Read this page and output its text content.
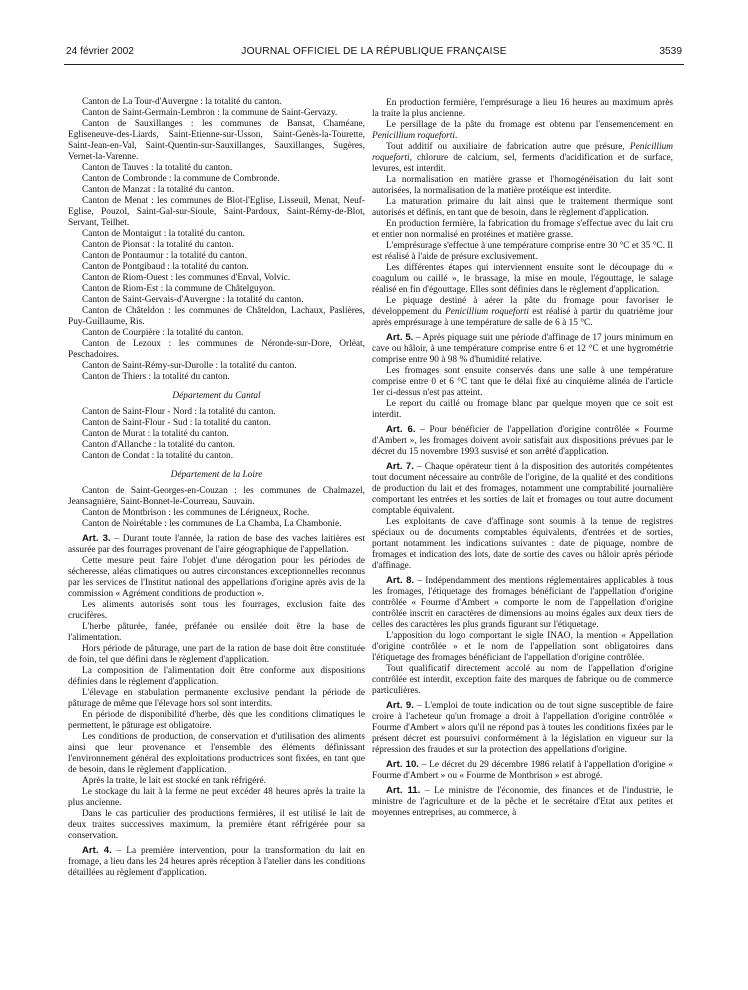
24 février 2002	JOURNAL OFFICIEL DE LA RÉPUBLIQUE FRANÇAISE	3539

Canton de La Tour-d'Auvergne : la totalité du canton.

Canton de Saint-Germain-Lembron : la commune de Saint-Gervazy.

Canton de Sauxillanges : les communes de Bansat, Chaméane, Egliseneuve-des-Liards, Saint-Etienne-sur-Usson, Saint-Genès-la-Tourette, Saint-Jean-en-Val, Saint-Quentin-sur-Sauxillanges, Sauxillanges, Sugères, Vernet-la-Varenne.

Canton de Tauves : la totalité du canton.

Canton de Combronde : la commune de Combronde.

Canton de Manzat : la totalité du canton.

Canton de Menat : les communes de Blot-l'Eglise, Lisseuil, Menat, Neuf-Eglise, Pouzol, Saint-Gal-sur-Sioule, Saint-Pardoux, Saint-Rémy-de-Blot, Servant, Teilhet.

Canton de Montaigut : la totalité du canton.

Canton de Pionsat : la totalité du canton.

Canton de Pontaumur : la totalité du canton.

Canton de Pontgibaud : la totalité du canton.

Canton de Riom-Ouest : les communes d'Enval, Volvic.

Canton de Riom-Est : la commune de Châtelguyon.

Canton de Saint-Gervais-d'Auvergne : la totalité du canton.

Canton de Châteldon : les communes de Châteldon, Lachaux, Paslières, Puy-Guillaume, Ris.

Canton de Courpière : la totalité du canton.

Canton de Lezoux : les communes de Néronde-sur-Dore, Orléat, Peschadoires.

Canton de Saint-Rémy-sur-Durolle : la totalité du canton.

Canton de Thiers : la totalité du canton.

Département du Cantal

Canton de Saint-Flour - Nord : la totalité du canton.

Canton de Saint-Flour - Sud : la totalité du canton.

Canton de Murat : la totalité du canton.

Canton d'Allanche : la totalité du canton.

Canton de Condat : la totalité du canton.

Département de la Loire

Canton de Saint-Georges-en-Couzan : les communes de Chalmazel, Jeansagnière, Saint-Bonnet-le-Courreau, Sauvain.

Canton de Montbrison : les communes de Lérigneux, Roche.

Canton de Noirétable : les communes de La Chamba, La Chambonie.

Art. 3. – Durant toute l'année, la ration de base des vaches laitières est assurée par des fourrages provenant de l'aire géographique de l'appellation.

Cette mesure peut faire l'objet d'une dérogation pour les périodes de sécheresse, aléas climatiques ou autres circonstances exceptionnelles reconnus par les services de l'Institut national des appellations d'origine après avis de la commission « Agrément conditions de production ».

Les aliments autorisés sont tous les fourrages, exclusion faite des crucifères.

L'herbe pâturée, fanée, préfanée ou ensilée doit être la base de l'alimentation.

Hors période de pâturage, une part de la ration de base doit être constituée de foin, tel que défini dans le règlement d'application.

La composition de l'alimentation doit être conforme aux dispositions définies dans le règlement d'application.

L'élevage en stabulation permanente exclusive pendant la période de pâturage de même que l'élevage hors sol sont interdits.

En période de disponibilité d'herbe, dès que les conditions climatiques le permettent, le pâturage est obligatoire.

Les conditions de production, de conservation et d'utilisation des aliments ainsi que leur provenance et l'ensemble des éléments définissant l'environnement général des exploitations productrices sont fixées, en tant que de besoin, dans le règlement d'application.

Après la traite, le lait est stocké en tank réfrigéré.

Le stockage du lait à la ferme ne peut excéder 48 heures après la traite la plus ancienne.

Dans le cas particulier des productions fermières, il est utilisé le lait de deux traites successives maximum, la première étant réfrigérée pour sa conservation.

Art. 4. – La première intervention, pour la transformation du lait en fromage, a lieu dans les 24 heures après réception à l'atelier dans les conditions détaillées au règlement d'application.

En production fermière, l'emprésurage a lieu 16 heures au maximum après la traite la plus ancienne.

Le persillage de la pâte du fromage est obtenu par l'ensemencement en Penicillium roqueforti.

Tout additif ou auxiliaire de fabrication autre que présure, Penicillium roqueforti, chlorure de calcium, sel, ferments d'acidification et de surface, levures, est interdit.

La normalisation en matière grasse et l'homogénéisation du lait sont autorisées, la normalisation de la matière protéique est interdite.

La maturation primaire du lait ainsi que le traitement thermique sont autorisés et définis, en tant que de besoin, dans le règlement d'application.

En production fermière, la fabrication du fromage s'effectue avec du lait cru et entier non normalisé en protéines et matière grasse.

L'emprésurage s'effectue à une température comprise entre 30 °C et 35 °C. Il est réalisé à l'aide de présure exclusivement.

Les différentes étapes qui interviennent ensuite sont le découpage du « coagulum ou caillé », le brassage, la mise en moule, l'égouttage, le salage réalisé en fin d'égouttage. Elles sont définies dans le règlement d'application.

Le piquage destiné à aérer la pâte du fromage pour favoriser le développement du Penicillium roqueforti est réalisé à partir du quatrième jour après emprésurage à une température de salle de 6 à 15 °C.

Art. 5. – Après piquage suit une période d'affinage de 17 jours minimum en cave ou hâloir, à une température comprise entre 6 et 12 °C et une hygrométrie comprise entre 90 à 98 % d'humidité relative.

Les fromages sont ensuite conservés dans une salle à une température comprise entre 0 et 6 °C tant que le délai fixé au cinquième alinéa de l'article 1er ci-dessus n'est pas atteint.

Le report du caillé ou fromage blanc par quelque moyen que ce soit est interdit.

Art. 6. – Pour bénéficier de l'appellation d'origine contrôlée « Fourme d'Ambert », les fromages doivent avoir satisfait aux dispositions prévues par le décret du 15 novembre 1993 susvisé et son arrêté d'application.

Art. 7. – Chaque opérateur tient à la disposition des autorités compétentes tout document nécessaire au contrôle de l'origine, de la qualité et des conditions de production du lait et des fromages, notamment une comptabilité journalière comportant les entrées et les sorties de lait et fromages ou tout autre document comptable équivalent.

Les exploitants de cave d'affinage sont soumis à la tenue de registres spéciaux ou de documents comptables équivalents, d'entrées et de sorties, portant notamment les indications suivantes : date de piquage, nombre de fromages et indication des lots, date de sortie des caves ou hâloir après période d'affinage.

Art. 8. – Indépendamment des mentions réglementaires applicables à tous les fromages, l'étiquetage des fromages bénéficiant de l'appellation d'origine contrôlée « Fourme d'Ambert » comporte le nom de l'appellation d'origine contrôlée inscrit en caractères de dimensions au moins égales aux deux tiers de celles des caractères les plus grands figurant sur l'étiquetage.

L'apposition du logo comportant le sigle INAO, la mention « Appellation d'origine contrôlée » et le nom de l'appellation sont obligatoires dans l'étiquetage des fromages bénéficiant de l'appellation d'origine contrôlée.

Tout qualificatif directement accolé au nom de l'appellation d'origine contrôlée est interdit, exception faite des marques de fabrique ou de commerce particulières.

Art. 9. – L'emploi de toute indication ou de tout signe susceptible de faire croire à l'acheteur qu'un fromage a droit à l'appellation d'origine contrôlée « Fourme d'Ambert » alors qu'il ne répond pas à toutes les conditions fixées par le présent décret est poursuivi conformément à la législation en vigueur sur la répression des fraudes et sur la protection des appellations d'origine.

Art. 10. – Le décret du 29 décembre 1986 relatif à l'appellation d'origine « Fourme d'Ambert » ou « Fourme de Montbrison » est abrogé.

Art. 11. – Le ministre de l'économie, des finances et de l'industrie, le ministre de l'agriculture et de la pêche et le secrétaire d'Etat aux petites et moyennes entreprises, au commerce, à
